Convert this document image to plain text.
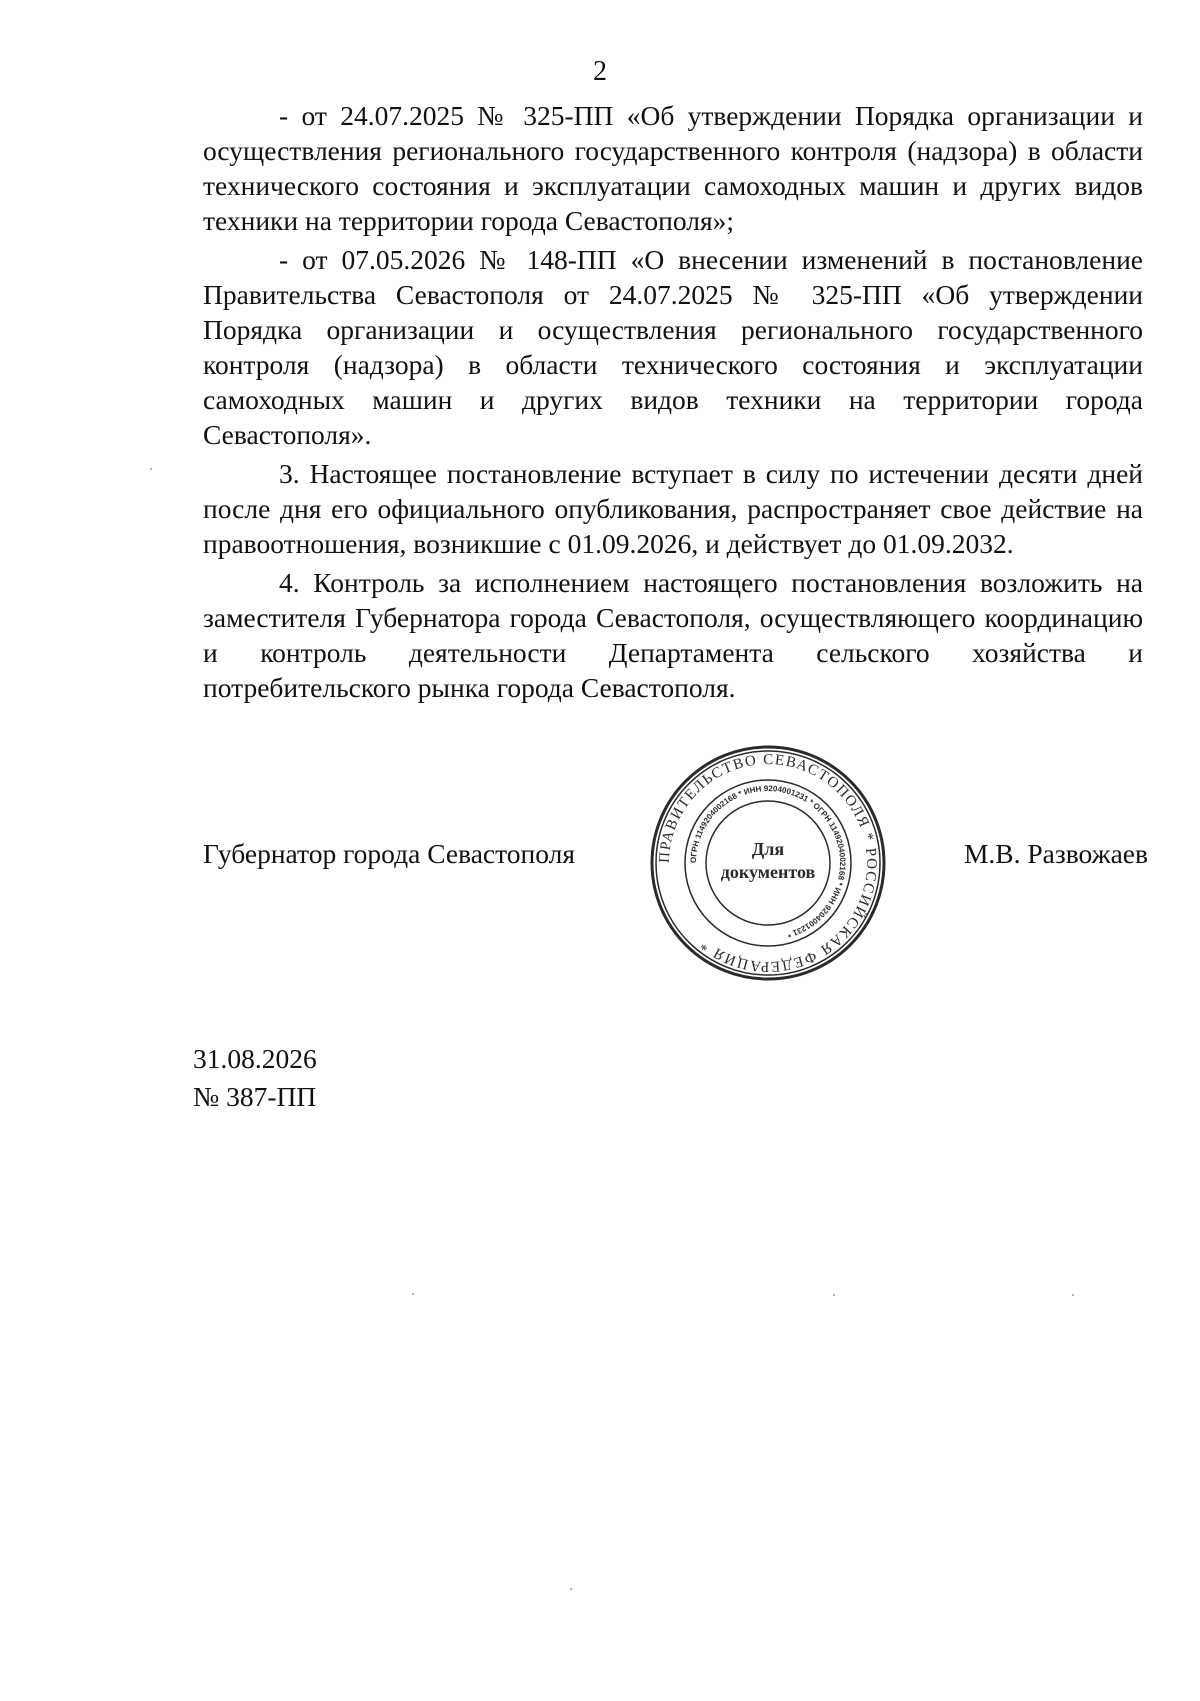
2

- от 24.07.2025 № 325-ПП «Об утверждении Порядка организации и осуществления регионального государственного контроля (надзора) в области технического состояния и эксплуатации самоходных машин и других видов техники на территории города Севастополя»;

- от 07.05.2026 № 148-ПП «О внесении изменений в постановление Правительства Севастополя от 24.07.2025 № 325-ПП «Об утверждении Порядка организации и осуществления регионального государственного контроля (надзора) в области технического состояния и эксплуатации самоходных машин и других видов техники на территории города Севастополя».

3. Настоящее постановление вступает в силу по истечении десяти дней после дня его официального опубликования, распространяет свое действие на правоотношения, возникшие с 01.09.2026, и действует до 01.09.2032.

4. Контроль за исполнением настоящего постановления возложить на заместителя Губернатора города Севастополя, осуществляющего координацию и контроль деятельности Департамента сельского хозяйства и потребительского рынка города Севастополя.

Губернатор города Севастополя	М.В. Развожаев
ПРАВИТЕЛЬСТВО СЕВАСТОПОЛЯ * РОССИЙСКАЯ ФЕДЕРАЦИЯ *
ОГРН 1149204002168 * ИНН 9204001231 * ОГРН 1149204002168 * ИНН 9204001231 *
Для
документов
31.08.2026
№ 387-ПП
